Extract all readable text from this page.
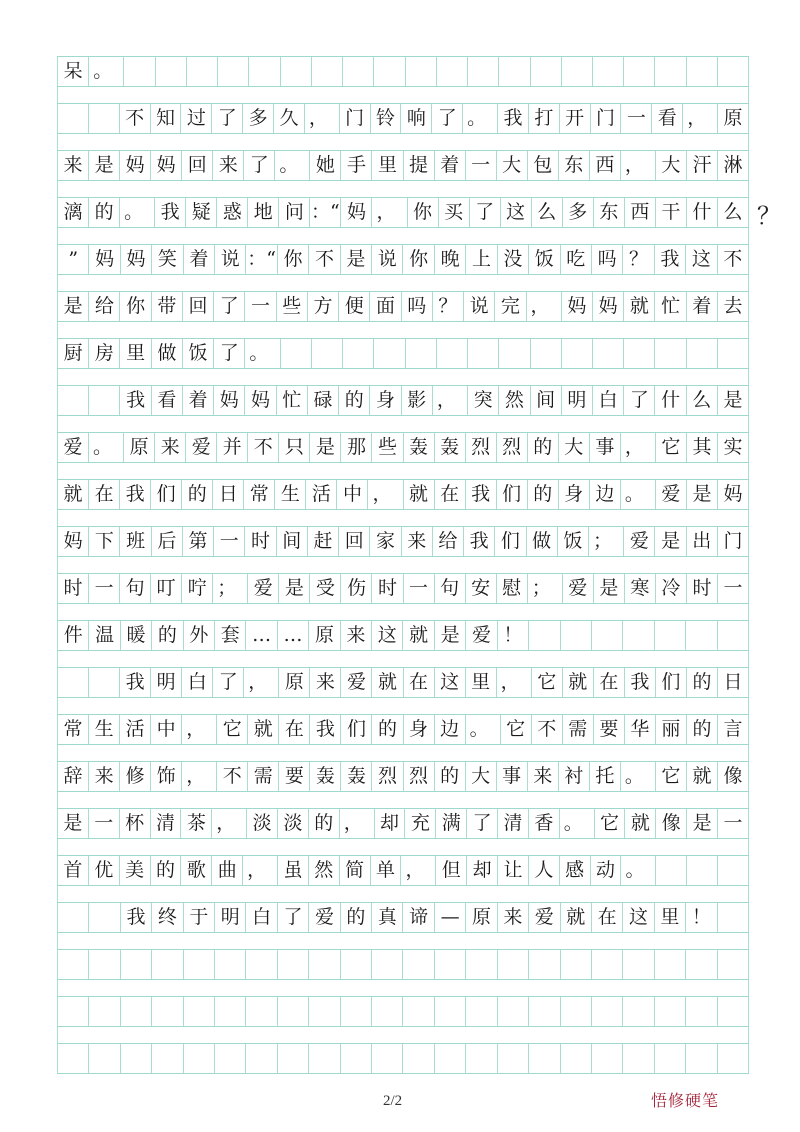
呆 。
不 知 过 了 多 久 ， 门 铃 响 了 。 我 打 开 门 一 看 ， 原
来 是 妈 妈 回 来 了 。 她 手 里 提 着 一 大 包 东 西 ， 大 汗 淋
漓 的 。 我 疑 惑 地 问 ：“ 妈 ， 你 买 了 这 么 多 东 西 干 什 么
” 妈 妈 笑 着 说 ：“ 你 不 是 说 你 晚 上 没 饭 吃 吗 ？ 我 这 不
是 给 你 带 回 了 一 些 方 便 面 吗 ？ 说 完 ， 妈 妈 就 忙 着 去
厨 房 里 做 饭 了 。
我 看 着 妈 妈 忙 碌 的 身 影 ， 突 然 间 明 白 了 什 么 是
爱 。 原 来 爱 并 不 只 是 那 些 轰 轰 烈 烈 的 大 事 ， 它 其 实
就 在 我 们 的 日 常 生 活 中 ， 就 在 我 们 的 身 边 。 爱 是 妈
妈 下 班 后 第 一 时 间 赶 回 家 来 给 我 们 做 饭 ； 爱 是 出 门
时 一 句 叮 咛 ； 爱 是 受 伤 时 一 句 安 慰 ； 爱 是 寒 冷 时 一
件 温 暖 的 外 套 … … 原 来 这 就 是 爱 ！
我 明 白 了 ， 原 来 爱 就 在 这 里 ， 它 就 在 我 们 的 日
常 生 活 中 ， 它 就 在 我 们 的 身 边 。 它 不 需 要 华 丽 的 言
辞 来 修 饰 ， 不 需 要 轰 轰 烈 烈 的 大 事 来 衬 托 。 它 就 像
是 一 杯 清 茶 ， 淡 淡 的 ， 却 充 满 了 清 香 。 它 就 像 是 一
首 优 美 的 歌 曲 ， 虽 然 简 单 ， 但 却 让 人 感 动 。
我 终 于 明 白 了 爱 的 真 谛 — 原 来 爱 就 在 这 里 ！
？
2/2	悟修硬笔
